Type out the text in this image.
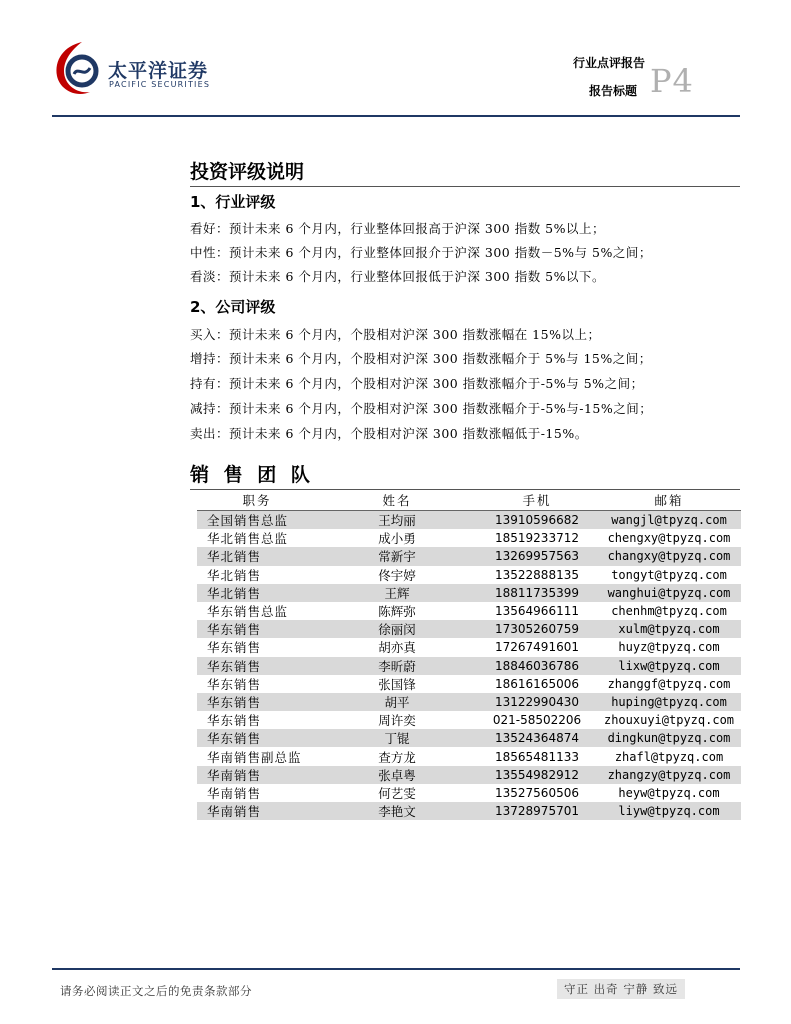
太平洋证券
PACIFIC SECURITIES
行业点评报告
报告标题 P4
投资评级说明
1、行业评级
看好：预计未来 6 个月内，行业整体回报高于沪深 300 指数 5%以上；
中性：预计未来 6 个月内，行业整体回报介于沪深 300 指数－5%与 5%之间；
看淡：预计未来 6 个月内，行业整体回报低于沪深 300 指数 5%以下。
2、公司评级
买入：预计未来 6 个月内，个股相对沪深 300 指数涨幅在 15%以上；
增持：预计未来 6 个月内，个股相对沪深 300 指数涨幅介于 5%与 15%之间；
持有：预计未来 6 个月内，个股相对沪深 300 指数涨幅介于-5%与 5%之间；
减持：预计未来 6 个月内，个股相对沪深 300 指数涨幅介于-5%与-15%之间；
卖出：预计未来 6 个月内，个股相对沪深 300 指数涨幅低于-15%。
销 售 团 队
职务	姓名	手机	邮箱
全国销售总监	王均丽	13910596682	wangjl@tpyzq.com
华北销售总监	成小勇	18519233712	chengxy@tpyzq.com
华北销售	常新宇	13269957563	changxy@tpyzq.com
华北销售	佟宇婷	13522888135	tongyt@tpyzq.com
华北销售	王辉	18811735399	wanghui@tpyzq.com
华东销售总监	陈辉弥	13564966111	chenhm@tpyzq.com
华东销售	徐丽闵	17305260759	xulm@tpyzq.com
华东销售	胡亦真	17267491601	huyz@tpyzq.com
华东销售	李昕蔚	18846036786	lixw@tpyzq.com
华东销售	张国锋	18616165006	zhanggf@tpyzq.com
华东销售	胡平	13122990430	huping@tpyzq.com
华东销售	周许奕	021-58502206	zhouxuyi@tpyzq.com
华东销售	丁锟	13524364874	dingkun@tpyzq.com
华南销售副总监	查方龙	18565481133	zhafl@tpyzq.com
华南销售	张卓粤	13554982912	zhangzy@tpyzq.com
华南销售	何艺雯	13527560506	heyw@tpyzq.com
华南销售	李艳文	13728975701	liyw@tpyzq.com
请务必阅读正文之后的免责条款部分	守正 出奇 宁静 致远
